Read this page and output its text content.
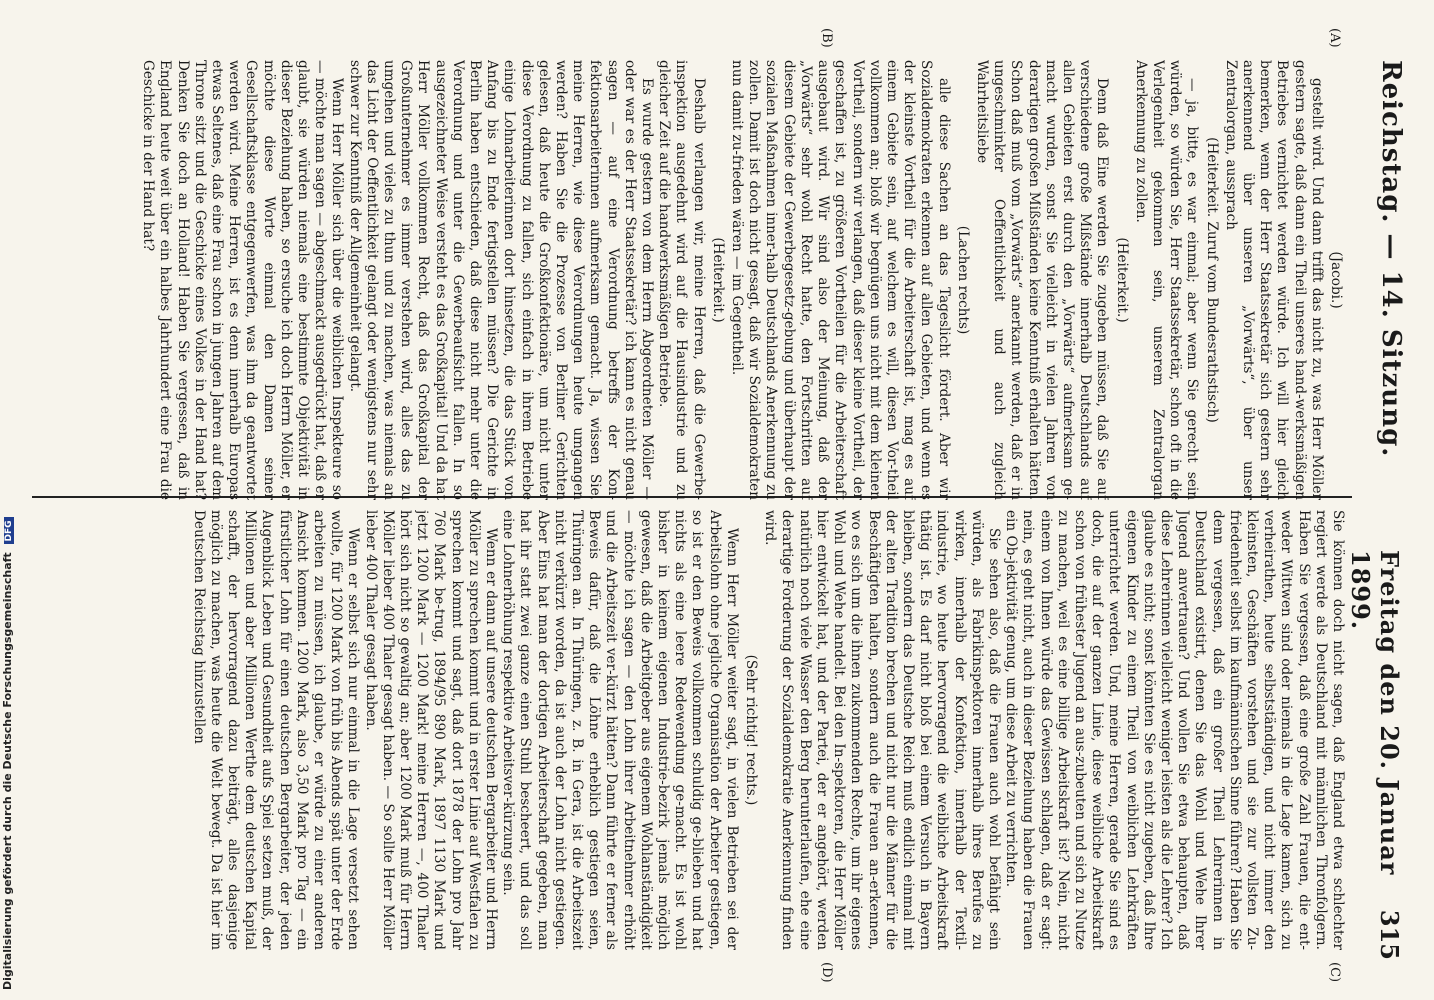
Reichstag. — 14. Sitzung.
Freitag den 20. Januar 1899.
315
(A)
(B)
(C)
(D)

(Jacobi.)

gestellt wird. Und dann trifft das nicht zu, was Herr Möller gestern sagte, daß dann ein Theil unseres hand-werksmäßigen Betriebes vernichtet werden würde. Ich will hier gleich bemerken, wenn der Herr Staatssekretär sich gestern sehr anerkennend über unseren „Vorwärts“, über unser Zentralorgan, aussprach

(Heiterkeit. Zuruf vom Bundesrathstisch)

— ja, bitte, es war einmal; aber wenn Sie gerecht sein würden, so würden Sie, Herr Staatssekretär, schon oft in die Verlegenheit gekommen sein, unserem Zentralorgan Anerkennung zu zollen.

(Heiterkeit.)

Denn daß Eine werden Sie zugeben müssen, daß Sie auf verschiedene große Mißstände innerhalb Deutschlands auf allen Gebieten erst durch den „Vorwärts“ aufmerksam ge-macht wurden, sonst Sie vielleicht in vielen Jahren von derartigen großen Mißständen keine Kenntniß erhalten hätten. Schon daß muß vom „Vorwärts“ anerkannt werden, daß er in ungeschminkter Oeffentlichkeit und auch zugleich Wahrheitsliebe

(Lachen rechts)

alle diese Sachen an das Tageslicht fördert. Aber wir Sozialdemokraten erkennen auf allen Gebieten, und wenn es der kleinste Vortheil für die Arbeiterschaft ist, mag es auf einem Gebiete sein, auf welchem es will, diesen Vor-theil vollkommen an; bloß wir begnügen uns nicht mit dem kleinen Vortheil, sondern wir verlangen, daß dieser kleine Vortheil, der geschaffen ist, zu größeren Vortheilen für die Arbeiterschaft ausgebaut wird. Wir sind also der Meinung, daß der „Vorwärts“ sehr wohl Recht hatte, den Fortschritten auf diesem Gebiete der Gewerbegesetz-gebung und überhaupt der sozialen Maßnahmen inner-halb Deutschlands Anerkennung zu zollen. Damit ist doch nicht gesagt, daß wir Sozialdemokraten nun damit zu-frieden wären — im Gegentheil.

(Heiterkeit.)

Deshalb verlangen wir, meine Herren, daß die Gewerbe-inspektion ausgedehnt wird auf die Hausindustrie und zu gleicher Zeit auf die handwerksmäßigen Betriebe.

Es wurde gestern von dem Herrn Abgeordneten Möller — oder war es der Herr Staatssekretär? ich kann es nicht genau sagen — auf eine Verordnung betreffs der Kon-fektionsarbeiterinnen aufmerksam gemacht. Ja, wissen Sie, meine Herren, wie diese Verordnungen heute umgangen werden? Haben Sie die Prozesse von Berliner Gerichten gelesen, daß heute die Großkonfektionäre, um nicht unter diese Verordnung zu fallen, sich einfach in ihrem Betriebe einige Lohnarbeiterinnen dort hinsetzen, die das Stück von Anfang bis zu Ende fertigstellen müssen? Die Gerichte in Berlin haben entschieden, daß diese nicht mehr unter die Verordnung und unter die Gewerbeaufsicht fallen. In so ausgezeichneter Weise versteht es das Großkapital! Und da hat Herr Möller vollkommen Recht, daß das Großkapital der Großunternehmer es immer verstehen wird, alles das zu umgehen und vieles zu thun und zu machen, was niemals an das Licht der Oeffentlichkeit gelangt oder wenigstens nur sehr schwer zur Kenntniß der Allgemeinheit gelangt.

Wenn Herr Möller sich über die weiblichen Inspekteure so — möchte man sagen — abgeschmackt ausgedrückt hat, daß er glaubt, sie würden niemals eine bestimmte Objektivität in dieser Beziehung haben, so ersuche ich doch Herrn Möller, er möchte diese Worte einmal den Damen seiner Gesellschaftsklasse entgegenwerfen, was ihm da geantwortet werden wird. Meine Herren, ist es denn innerhalb Europas etwas Seltenes, daß eine Frau schon in jungen Jahren auf dem Throne sitzt und die Geschicke eines Volkes in der Hand hat? Denken Sie doch an Holland! Haben Sie vergessen, daß in England heute weit über ein halbes Jahrhundert eine Frau die Geschicke in der Hand hat?

Sie können doch nicht sagen, daß England etwa schlechter regiert werde als Deutschland mit männlichen Thronfolgern. Haben Sie vergessen, daß eine große Zahl Frauen, die ent-weder Wittwen sind oder niemals in die Lage kamen, sich zu verheirathen, heute selbstständigen, und nicht immer den kleinsten, Geschäften vorstehen und sie zur vollsten Zu-friedenheit selbst im kaufmännischen Sinne führen? Haben Sie denn vergessen, daß ein großer Theil Lehrerinnen in Deutschland existirt, denen Sie das Wohl und Wehe Ihrer Jugend anvertrauen? Und wollen Sie etwa behaupten, daß diese Lehrerinnen vielleicht weniger leisten als die Lehrer? Ich glaube es nicht; sonst könnten Sie es nicht zugeben, daß Ihre eigenen Kinder zu einem Theil von weiblichen Lehrkräften unterrichtet werden. Und, meine Herren, gerade Sie sind es doch, die auf der ganzen Linie, diese weibliche Arbeitskraft schon von frühester Jugend an aus-zubeuten und sich zu Nutze zu machen, weil es eine billige Arbeitskraft ist? Nein, nicht einem von Ihnen würde das Gewissen schlagen, daß er sagt: nein, es geht nicht, auch in dieser Beziehung haben die Frauen ein Ob-jektivität genug, um diese Arbeit zu verrichten.

Sie sehen also, daß die Frauen auch wohl befähigt sein würden, als Fabrikinspektoren innerhalb ihres Berufes zu wirken, innerhalb der Konfektion, innerhalb der Textil-industrie, wo heute hervorragend die weibliche Arbeitskraft thätig ist. Es darf nicht bloß bei einem Versuch in Bayern bleiben, sondern das Deutsche Reich muß endlich einmal mit der alten Tradition brechen und nicht nur die Männer für die Beschäftigten halten, sondern auch die Frauen an-erkennen, wo es sich um die ihnen zukommenden Rechte, um ihr eigenes Wohl und Wehe handelt. Bei den In-spektoren, die Herr Möller hier entwickelt hat, und der Partei, der er angehört, werden natürlich noch viele Wasser den Berg herunterlaufen, ehe eine derartige Forderung der Sozialdemokratie Anerkennung finden wird.

(Sehr richtig! rechts.)

Wenn Herr Möller weiter sagt, in vielen Betrieben sei der Arbeitslohn ohne jegliche Organisation der Arbeiter gestiegen, so ist er den Beweis vollkommen schuldig ge-blieben und hat nichts als eine leere Redewendung ge-macht. Es ist wohl bisher in keinem eigenen Industrie-bezirk jemals möglich gewesen, daß die Arbeitgeber aus eigenem Wohlanständigkeit — möchte ich sagen — den Lohn ihrer Arbeitnehmer erhöht und die Arbeitszeit ver-kürzt hätten? Dann führte er ferner als Beweis dafür, daß die Löhne erheblich gestiegen seien, Thüringen an. In Thüringen, z. B. in Gera, ist die Arbeitszeit nicht verkürzt worden, da ist auch der Lohn nicht gestiegen. Aber Eins hat man der dortigen Arbeiterschaft gegeben, man hat ihr statt zwei ganze einen Stuhl bescheert, und das soll eine Lohnerhöhung respektive Arbeitsver-kürzung sein.

Wenn er dann auf unsere deutschen Bergarbeiter und Herrn Möller zu sprechen kommt und in erster Linie auf Westfalen zu sprechen kommt und sagt, daß dort 1878 der Lohn pro Jahr 760 Mark be-trug, 1894/95 890 Mark, 1897 1130 Mark und jetzt 1200 Mark — 1200 Mark! meine Herren —, 400 Thaler hört sich nicht so gewaltig an; aber 1200 Mark muß für Herrn Möller lieber 400 Thaler gesagt haben. — So sollte Herr Möller lieber 400 Thaler gesagt haben.

Wenn er selbst sich nur einmal in die Lage versetzt sehen wollte, für 1200 Mark von früh bis Abends spät unter der Erde arbeiten zu müssen, ich glaube, er würde zu einer anderen Ansicht kommen. 1200 Mark, also 3,50 Mark pro Tag — ein fürstlicher Lohn für einen deutschen Bergarbeiter, der jeden Augenblick Leben und Gesundheit aufs Spiel setzen muß, der Millionen und aber Millionen Werthe dem deutschen Kapital schafft, der hervorragend dazu beiträgt, alles dasjenige möglich zu machen, was heute die Welt bewegt. Da ist hier im Deutschen Reichstag hinzustellen

Digitalisierung gefördert durch die Deutsche Forschungsgemeinschaft DFG
